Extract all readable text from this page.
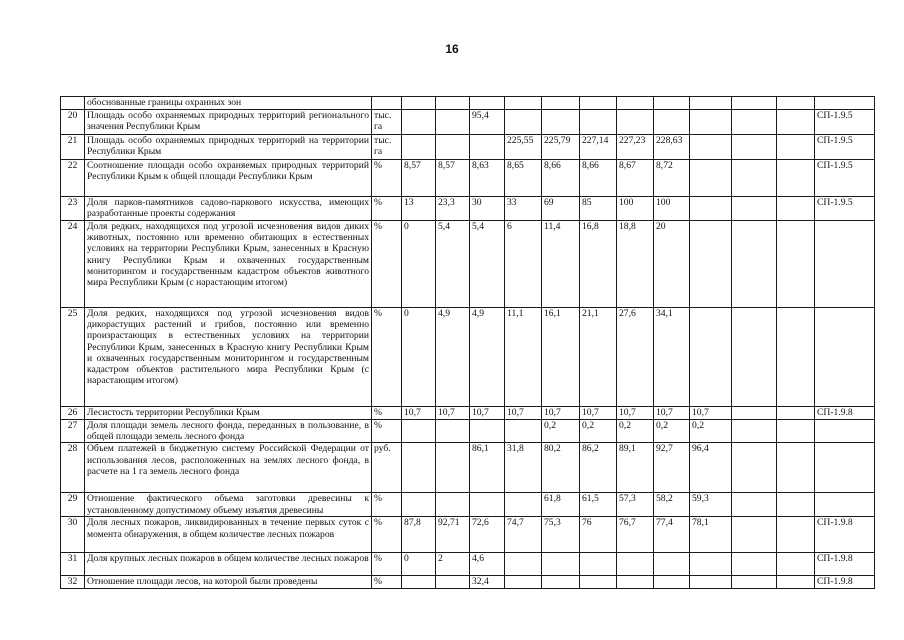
16
	обоснованные границы охранных зон													
20	Площадь особо охраняемых природных территорий регионального значения Республики Крым	тыс. га			95,4									СП-1.9.5
21	Площадь особо охраняемых природных территорий на территории Республики Крым	тыс. га				225,55	225,79	227,14	227,23	228,63				СП-1.9.5
22	Соотношение площади особо охраняемых природных территорий Республики Крым к общей площади Республики Крым	%	8,57	8,57	8,63	8,65	8,66	8,66	8,67	8,72				СП-1.9.5
23	Доля парков-памятников садово-паркового искусства, имеющих разработанные проекты содержания	%	13	23,3	30	33	69	85	100	100				СП-1.9.5
24	Доля редких, находящихся под угрозой исчезновения видов диких животных, постоянно или временно обитающих в естественных условиях на территории Республики Крым, занесенных в Красную книгу Республики Крым и охваченных государственным мониторингом и государственным кадастром объектов животного мира Республики Крым (с нарастающим итогом)	%	0	5,4	5,4	6	11,4	16,8	18,8	20				
25	Доля редких, находящихся под угрозой исчезновения видов дикорастущих растений и грибов, постоянно или временно произрастающих в естественных условиях на территории Республики Крым, занесенных в Красную книгу Республики Крым и охваченных государственным мониторингом и государственным кадастром объектов растительного мира Республики Крым (с нарастающим итогом)	%	0	4,9	4,9	11,1	16,1	21,1	27,6	34,1				
26	Лесистость территории Республики Крым	%	10,7	10,7	10,7	10,7	10,7	10,7	10,7	10,7	10,7			СП-1.9.8
27	Доля площади земель лесного фонда, переданных в пользование, в общей площади земель лесного фонда	%					0,2	0,2	0,2	0,2	0,2			
28	Объем платежей в бюджетную систему Российской Федерации от использования лесов, расположенных на землях лесного фонда, в расчете на 1 га земель лесного фонда	руб.			86,1	31,8	80,2	86,2	89,1	92,7	96,4			
29	Отношение фактического объема заготовки древесины к установленному допустимому объему изъятия древесины	%					61,8	61,5	57,3	58,2	59,3			
30	Доля лесных пожаров, ликвидированных в течение первых суток с момента обнаружения, в общем количестве лесных пожаров	%	87,8	92,71	72,6	74,7	75,3	76	76,7	77,4	78,1			СП-1.9.8
31	Доля крупных лесных пожаров в общем количестве лесных пожаров	%	0	2	4,6									СП-1.9.8
32	Отношение площади лесов, на которой были проведены	%			32,4									СП-1.9.8
